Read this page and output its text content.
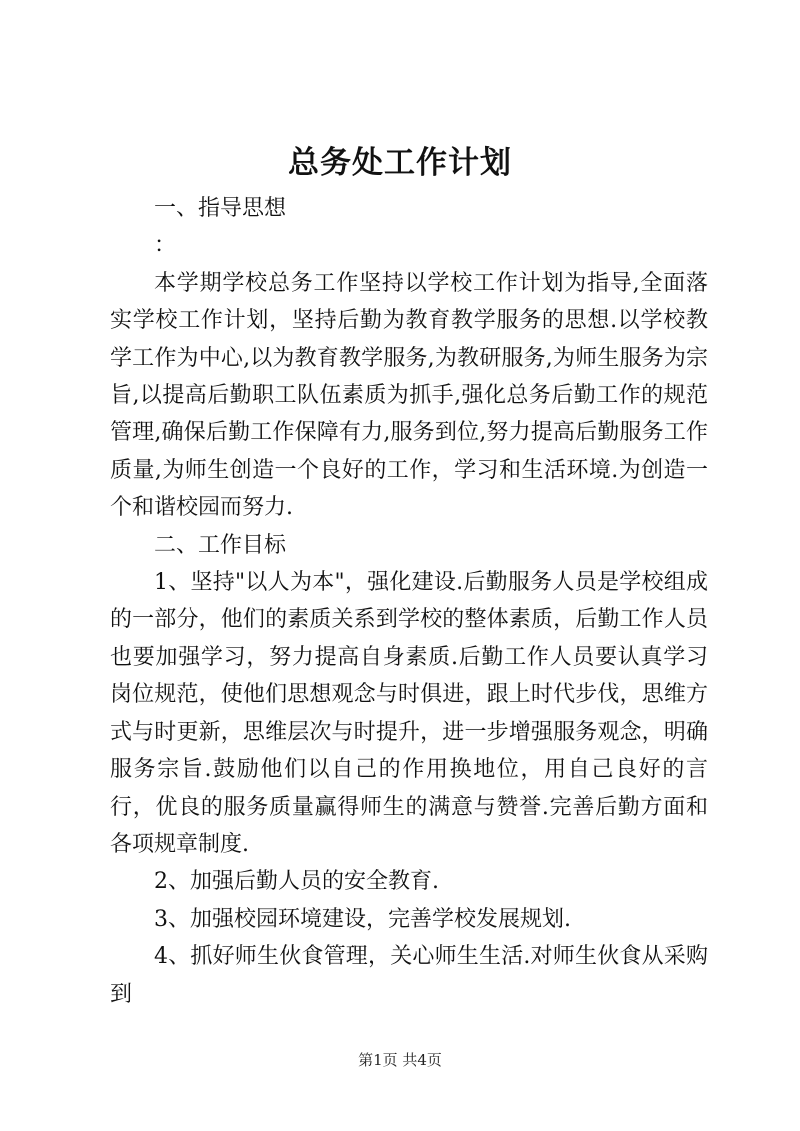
总务处工作计划

一、指导思想

：

本学期学校总务工作坚持以学校工作计划为指导,全面落实学校工作计划，坚持后勤为教育教学服务的思想.以学校教学工作为中心,以为教育教学服务,为教研服务,为师生服务为宗旨,以提高后勤职工队伍素质为抓手,强化总务后勤工作的规范管理,确保后勤工作保障有力,服务到位,努力提高后勤服务工作质量,为师生创造一个良好的工作，学习和生活环境.为创造一个和谐校园而努力.

二、工作目标

1、坚持"以人为本"，强化建设.后勤服务人员是学校组成的一部分，他们的素质关系到学校的整体素质，后勤工作人员也要加强学习，努力提高自身素质.后勤工作人员要认真学习岗位规范，使他们思想观念与时俱进，跟上时代步伐，思维方式与时更新，思维层次与时提升，进一步增强服务观念，明确服务宗旨.鼓励他们以自己的作用换地位，用自己良好的言行，优良的服务质量赢得师生的满意与赞誉.完善后勤方面和各项规章制度.

2、加强后勤人员的安全教育.

3、加强校园环境建设，完善学校发展规划.

4、抓好师生伙食管理，关心师生生活.对师生伙食从采购到

第1页 共4页
